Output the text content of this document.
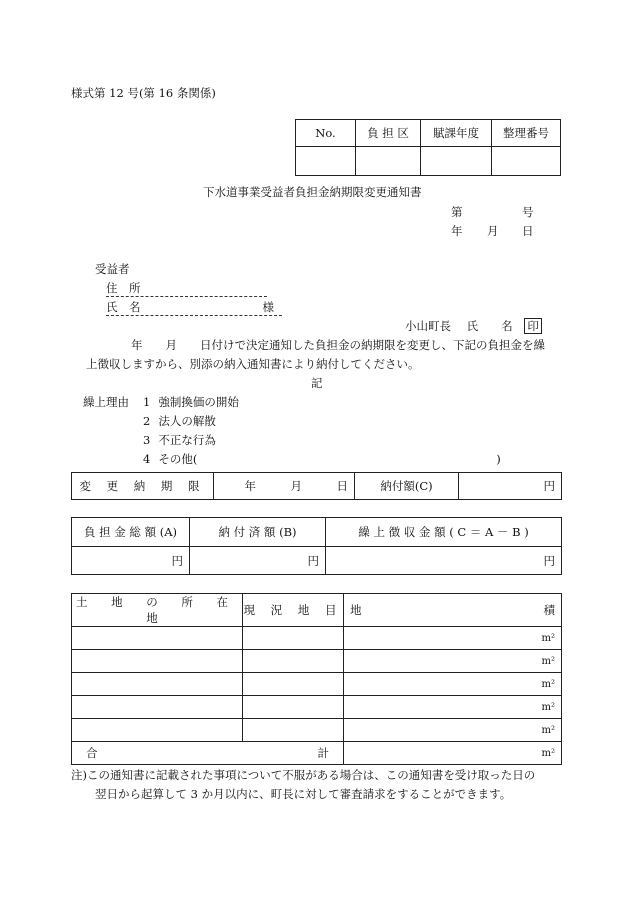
様式第 12 号(第 16 条関係)
No.	負 担 区	賦課年度	整理番号

下水道事業受益者負担金納期限変更通知書
第	号
年 月 日
受益者
住　所
氏　名	様
小山町長 氏　　名 印
年　　月　　日付けで決定通知した負担金の納期限を変更し、下記の負担金を繰
上徴収しますから、別添の納入通知書により納付してください。
記
繰上理由 1 強制換価の開始
2 法人の解散
3 不正な行為
4 その他(　　　　　　　　　　　　　　　　　　　　　　　　　　)
変 更 納 期 限	年　　　月　　　日	納付額(C)	円
負 担 金 総 額 (A)	納 付 済 額 (B)	繰 上 徴 収 金 額 ( C ＝ A － B )
円	円	円
土 地 の 所 在 地	現 況 地 目	地 積

		m²
		m²
		m²
		m²
		m²
合 計		m²
注)この通知書に記載された事項について不服がある場合は、この通知書を受け取った日の
翌日から起算して 3 か月以内に、町長に対して審査請求をすることができます。
